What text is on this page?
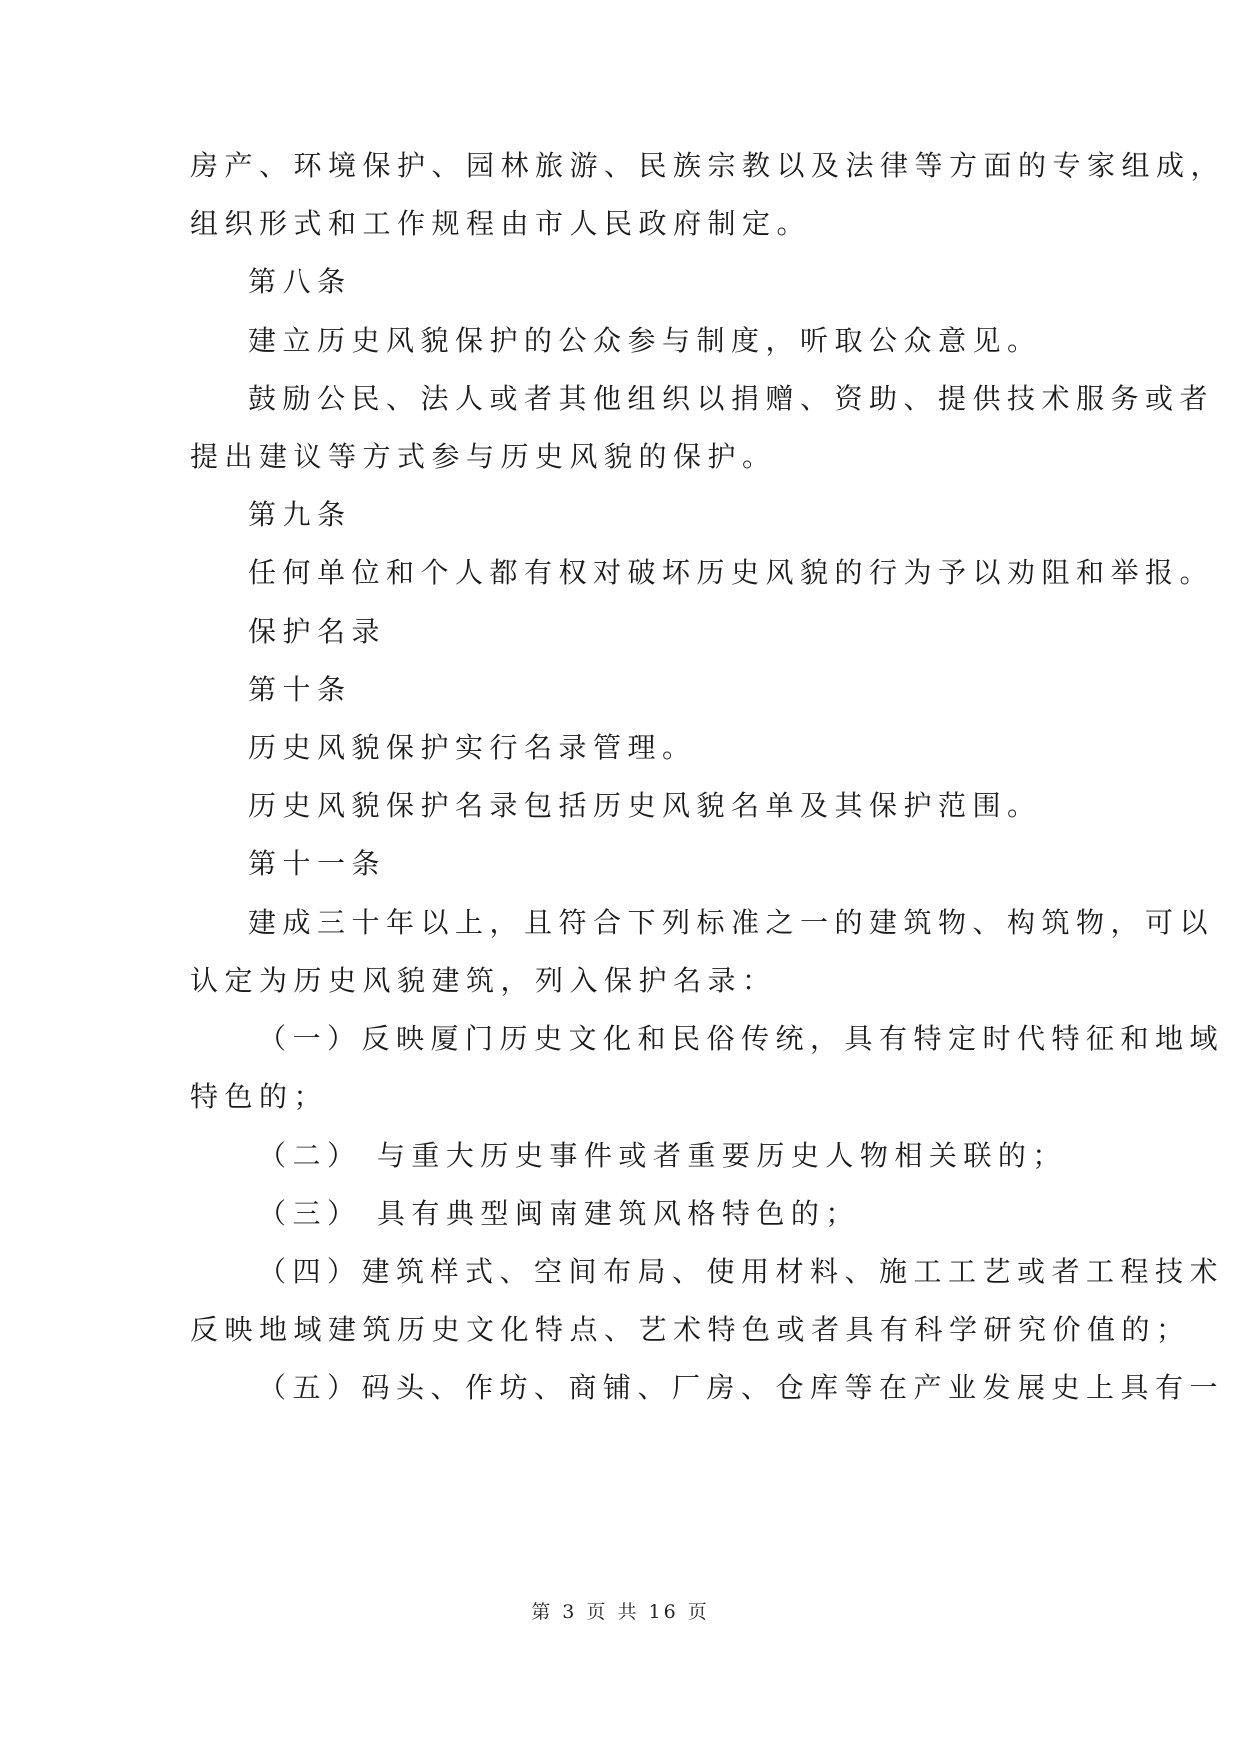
房产、环境保护、园林旅游、民族宗教以及法律等方面的专家组成，
组织形式和工作规程由市人民政府制定。
第八条
建立历史风貌保护的公众参与制度，听取公众意见。
鼓励公民、法人或者其他组织以捐赠、资助、提供技术服务或者
提出建议等方式参与历史风貌的保护。
第九条
任何单位和个人都有权对破坏历史风貌的行为予以劝阻和举报。
保护名录
第十条
历史风貌保护实行名录管理。
历史风貌保护名录包括历史风貌名单及其保护范围。
第十一条
建成三十年以上，且符合下列标准之一的建筑物、构筑物，可以
认定为历史风貌建筑，列入保护名录：
（一）反映厦门历史文化和民俗传统，具有特定时代特征和地域
特色的；
（二） 与重大历史事件或者重要历史人物相关联的；
（三） 具有典型闽南建筑风格特色的；
（四）建筑样式、空间布局、使用材料、施工工艺或者工程技术
反映地域建筑历史文化特点、艺术特色或者具有科学研究价值的；
（五）码头、作坊、商铺、厂房、仓库等在产业发展史上具有一
第 3 页 共 16 页
